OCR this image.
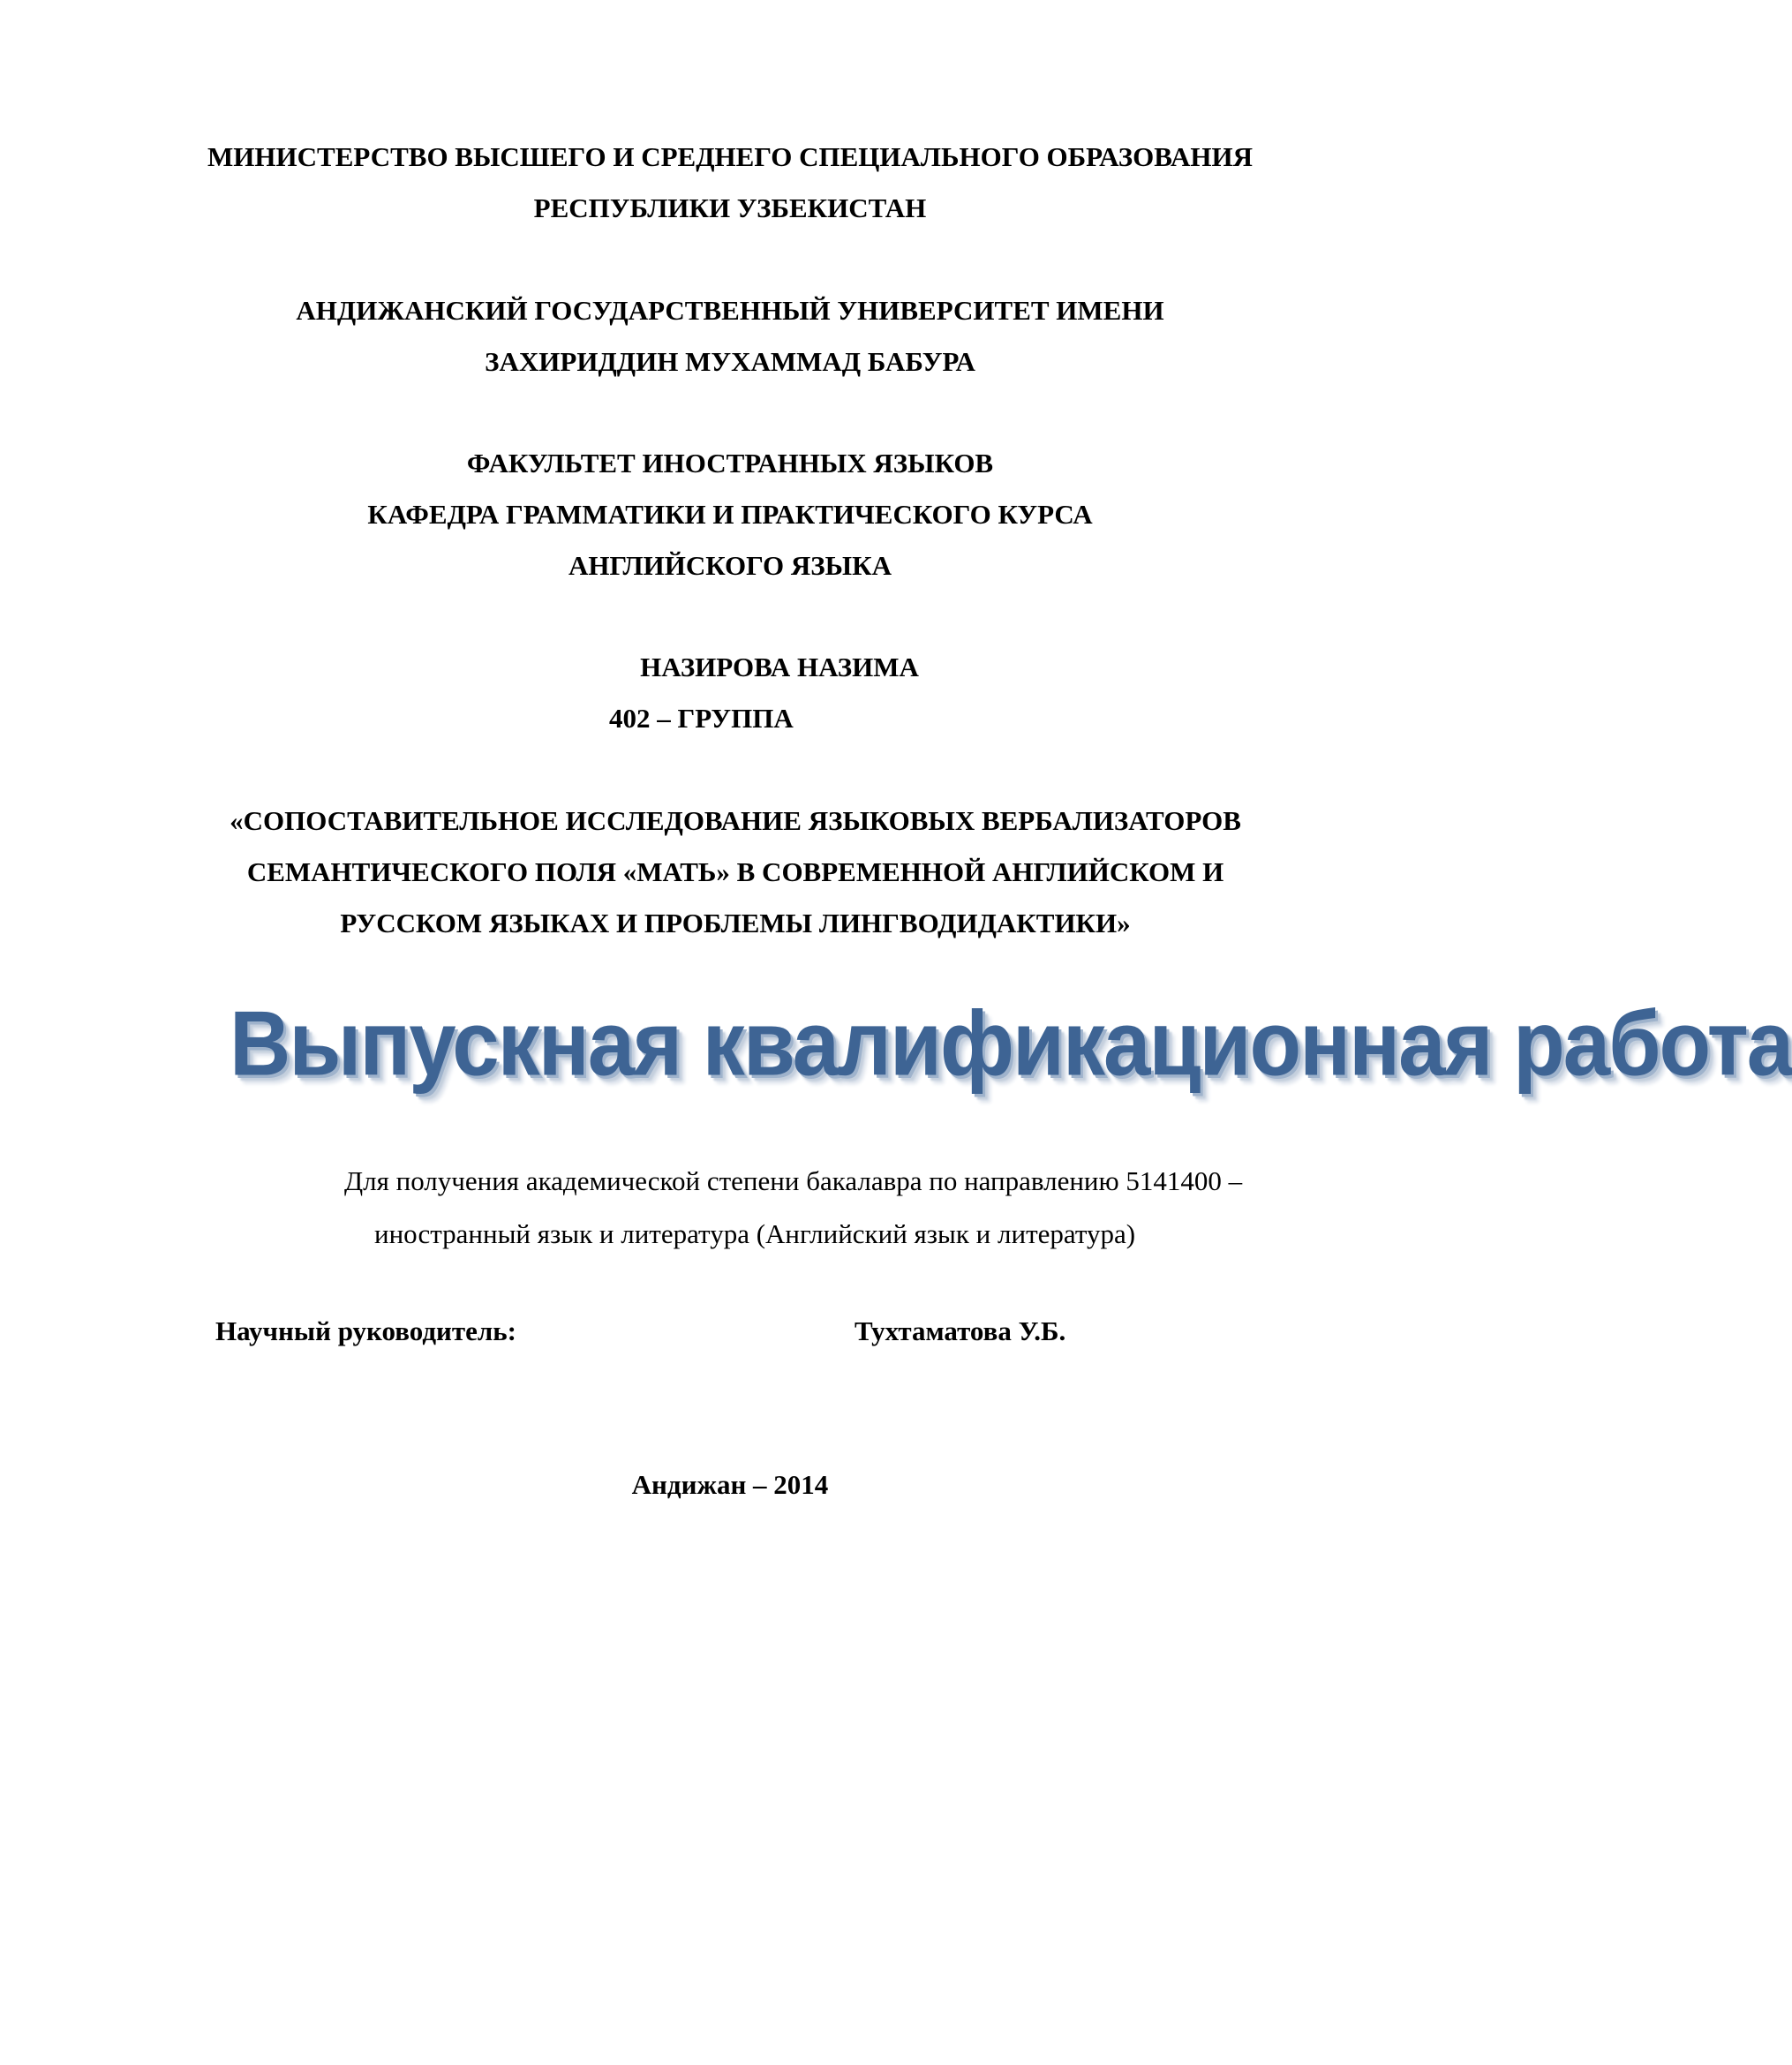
МИНИСТЕРСТВО ВЫСШЕГО И СРЕДНЕГО СПЕЦИАЛЬНОГО ОБРАЗОВАНИЯ
РЕСПУБЛИКИ УЗБЕКИСТАН
АНДИЖАНСКИЙ ГОСУДАРСТВЕННЫЙ УНИВЕРСИТЕТ ИМЕНИ
ЗАХИРИДДИН МУХАММАД БАБУРА
ФАКУЛЬТЕТ ИНОСТРАННЫХ ЯЗЫКОВ
КАФЕДРА ГРАММАТИКИ И ПРАКТИЧЕСКОГО КУРСА
АНГЛИЙСКОГО ЯЗЫКА
НАЗИРОВА НАЗИМА
402 – ГРУППА
«СОПОСТАВИТЕЛЬНОЕ ИССЛЕДОВАНИЕ ЯЗЫКОВЫХ ВЕРБАЛИЗАТОРОВ
СЕМАНТИЧЕСКОГО ПОЛЯ «МАТЬ» В СОВРЕМЕННОЙ АНГЛИЙСКОМ И
РУССКОМ ЯЗЫКАХ И ПРОБЛЕМЫ ЛИНГВОДИДАКТИКИ»
Выпускная квалификационная работа
Для получения академической степени бакалавра по направлению 5141400 –
иностранный язык и литература (Английский язык и литература)
Научный руководитель:	Тухтаматова У.Б.
Андижан – 2014
